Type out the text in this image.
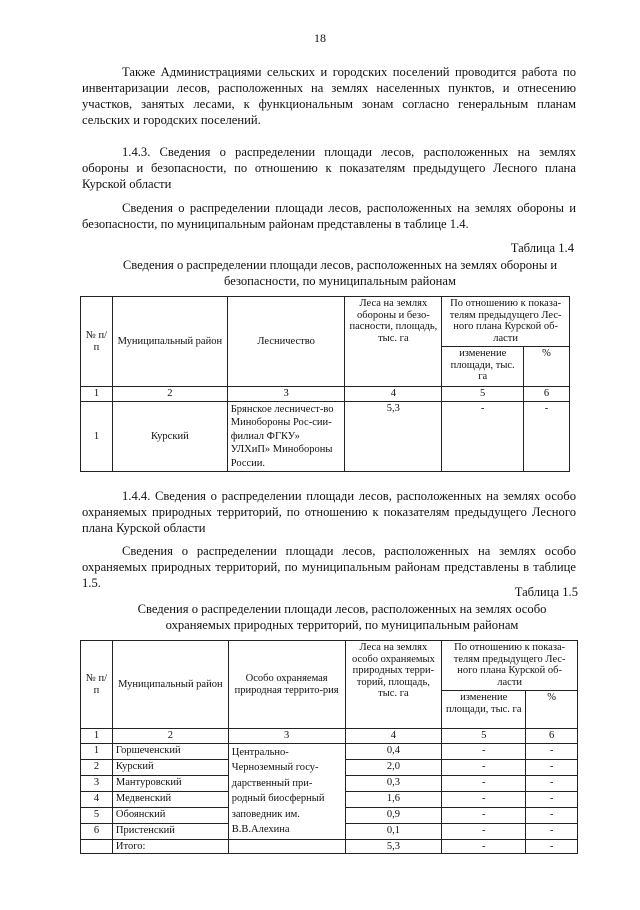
18
Также Администрациями сельских и городских поселений проводится работа по инвентаризации лесов, расположенных на землях населенных пунктов, и отнесению участков, занятых лесами, к функциональным зонам согласно генеральным планам сельских и городских поселений.
1.4.3. Сведения о распределении площади лесов, расположенных на землях обороны и безопасности, по отношению к показателям предыдущего Лесного плана Курской области
Сведения о распределении площади лесов, расположенных на землях обороны и безопасности, по муниципальным районам представлены в таблице 1.4.
Таблица 1.4
Сведения о распределении площади лесов, расположенных на землях обороны и безопасности, по муниципальным районам
№ п/п	Муниципальный район	Лесничество	Леса на землях обороны и безо-пасности, площадь, тыс. га	По отношению к показа-телям предыдущего Лес-ного плана Курской об-ласти	
				изменение площади, тыс. га	%
1	2	3	4	5	6
1	Курский	Брянское лесничест-во Минобороны Рос-сии-филиал ФГКУ» УЛХиП» Минобороны России.	5,3	-	-
1.4.4. Сведения о распределении площади лесов, расположенных на землях особо охраняемых природных территорий, по отношению к показателям предыдущего Лесного плана Курской области
Сведения о распределении площади лесов, расположенных на землях особо охраняемых природных территорий, по муниципальным районам представлены в таблице 1.5.
Таблица 1.5
Сведения о распределении площади лесов, расположенных на землях особо охраняемых природных территорий, по муниципальным районам
№ п/п	Муниципальный район	Особо охраняемая природная террито-рия	Леса на землях особо охраняемых природных терри-торий, площадь, тыс. га	По отношению к показа-телям предыдущего Лес-ного плана Курской об-ласти	
				изменение площади, тыс. га	%
1	2	3	4	5	6
1	Горшеченский	Центрально-Черноземный госу-дарственный при-родный биосферный заповедник им. В.В.Алехина	0,4	-	-
2	Курский		2,0	-	-
3	Мантуровский		0,3	-	-
4	Медвенский		1,6	-	-
5	Обоянский		0,9	-	-
6	Пристенский		0,1	-	-
	Итого:		5,3	-	-
